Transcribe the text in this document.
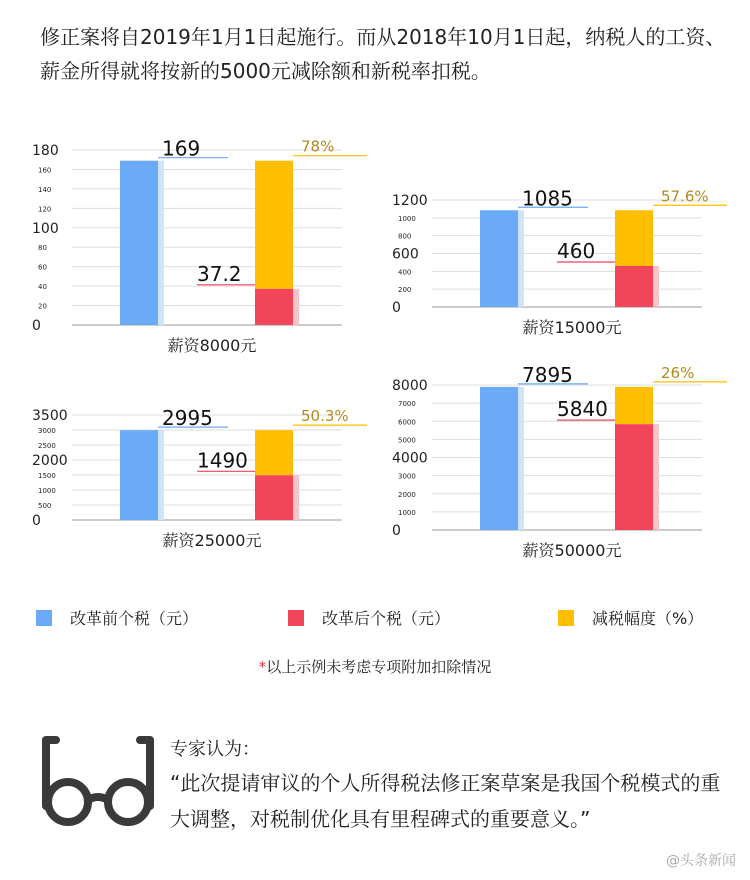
修正案将自2019年1月1日起施行。而从2018年10月1日起，纳税人的工资、薪金所得就将按新的5000元减除额和新税率扣税。
0
20
40
60
80
100
120
140
160
180	169
37.2
78%
薪资8000元
0
200
400
600
800
1000
1200	1085
460
57.6%
薪资15000元
0
500
1000
1500
2000
2500
3000
3500	2995
1490
50.3%
薪资25000元	0
1000
2000
3000
4000
5000
6000
7000
8000	7895
5840
26%
薪资50000元
改革前个税（元）	改革后个税（元）	减税幅度（%）
*以上示例未考虑专项附加扣除情况
专家认为：
“此次提请审议的个人所得税法修正案草案是我国个税模式的重大调整，对税制优化具有里程碑式的重要意义。”
@头条新闻
